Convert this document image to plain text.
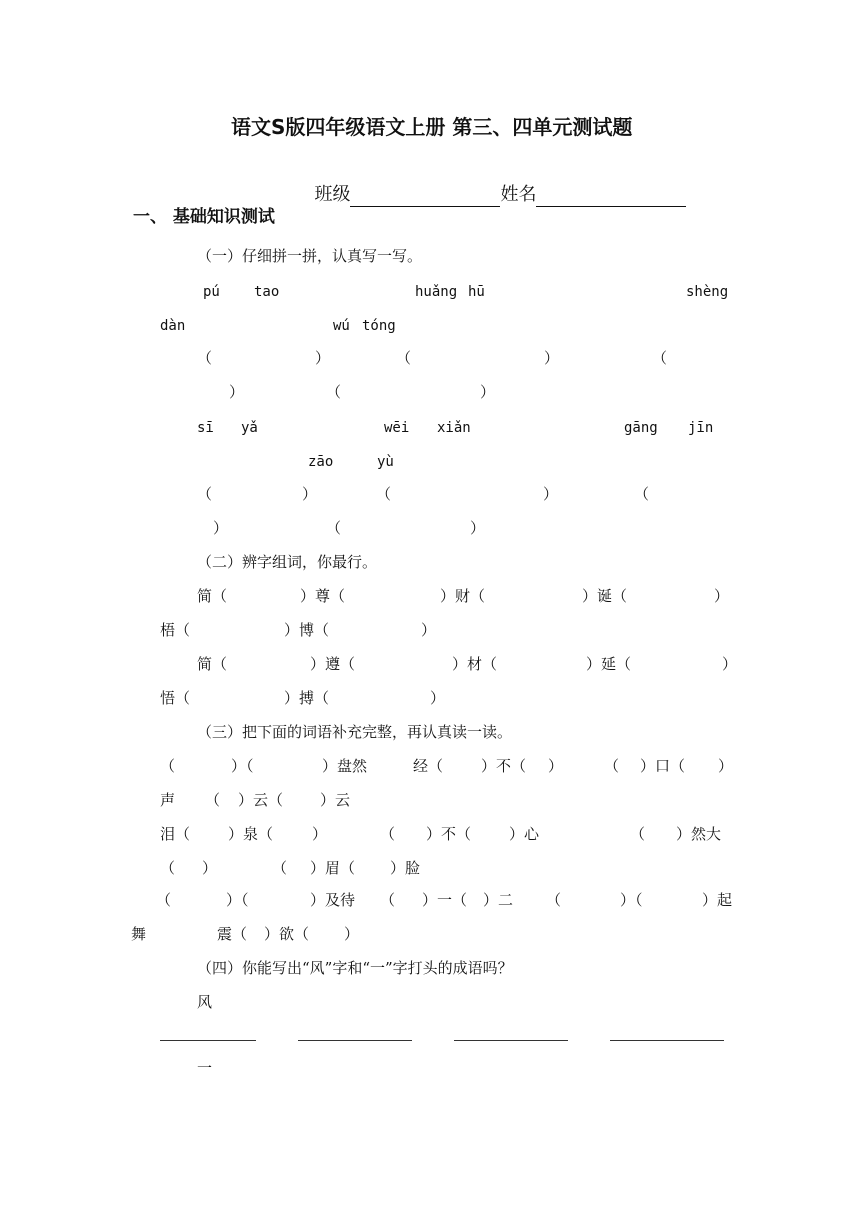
语文S版四年级语文上册 第三、四单元测试题

班级	姓名

一、 基础知识测试
（一）仔细拼一拼，认真写一写。
pú tao	huǎng hū	shèng
dàn	wú tóng
（	）	（	）	（
）	（	）
sī yǎ	wēi xiǎn	gāng jīn
zāo	yù
（	）	（	）	（
）	（	）
（二）辨字组词，你最行。
简（	）尊（	）财（	）诞（	）
梧（	）博（	）
简（	）遵（	）材（	）延（	）
悟（	）搏（	）
（三）把下面的词语补充完整，再认真读一读。
（	）（	）盘然	经（	）不（ ）	（ ）口（ ）
声 （ ）云（ ）云
泪（	）泉（	）	（ ）不（	）心	（ ）然大
（ ）	（ ）眉（ ）脸
（	）（	）及待 （ ）一（ ）二 （	）（	）起
舞	震（ ）欲（ ）
（四）你能写出“风”字和“一”字打头的成语吗？
风
一
